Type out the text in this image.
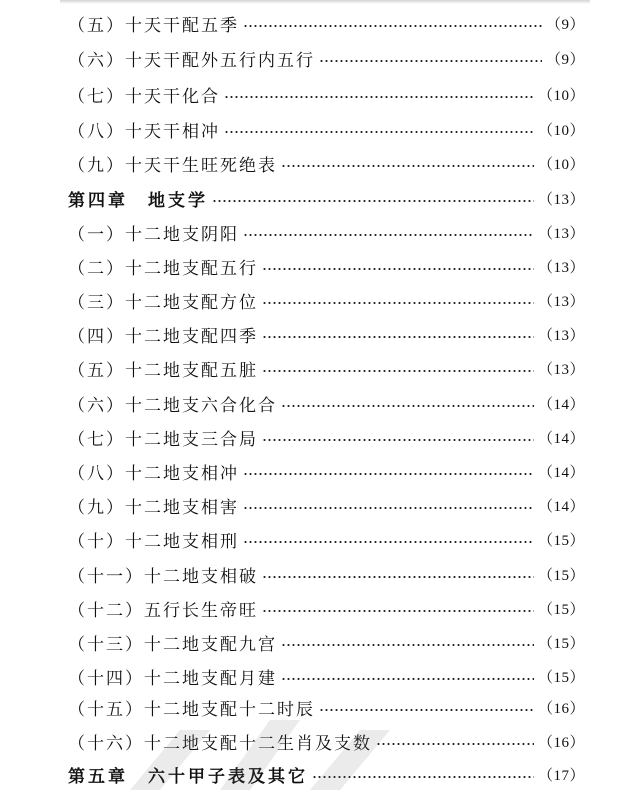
（五）十天干配五季	（9）
（六）十天干配外五行内五行	（9）
（七）十天干化合	（10）
（八）十天干相冲	（10）
（九）十天干生旺死绝表	（10）
第四章　地支学	（13）
（一）十二地支阴阳	（13）
（二）十二地支配五行	（13）
（三）十二地支配方位	（13）
（四）十二地支配四季	（13）
（五）十二地支配五脏	（13）
（六）十二地支六合化合	（14）
（七）十二地支三合局	（14）
（八）十二地支相冲	（14）
（九）十二地支相害	（14）
（十）十二地支相刑	（15）
（十一）十二地支相破	（15）
（十二）五行长生帝旺	（15）
（十三）十二地支配九宫	（15）
（十四）十二地支配月建	（15）
（十五）十二地支配十二时辰	（16）
（十六）十二地支配十二生肖及支数	（16）
第五章　六十甲子表及其它	（17）
